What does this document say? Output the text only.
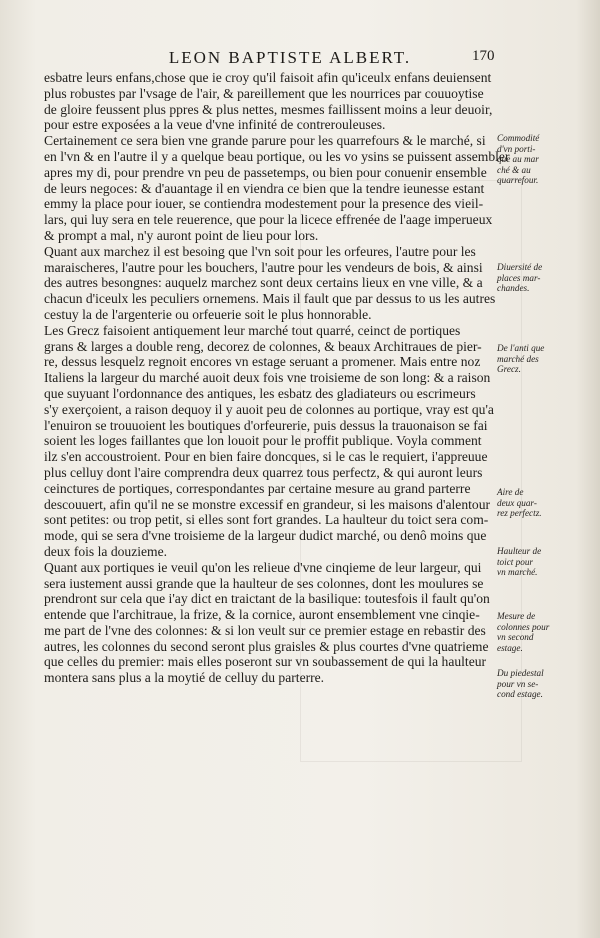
LEON BAPTISTE ALBERT.	170
esbatre leurs enfans,chose que ie croy qu'il faisoit afin qu'iceulx enfans deuiensent
plus robustes par l'vsage de l'air, & pareillement que les nourrices par couuoytise
de gloire feussent plus ppres & plus nettes, mesmes faillissent moins a leur deuoir,
pour estre exposées a la veue d'vne infinité de contrerouleuses.
Certainement ce sera bien vne grande parure pour les quarrefours & le marché, si
en l'vn & en l'autre il y a quelque beau portique, ou les vo ysins se puissent assembler
apres my di, pour prendre vn peu de passetemps, ou bien pour conuenir ensemble
de leurs negoces: & d'auantage il en viendra ce bien que la tendre ieunesse estant
emmy la place pour iouer, se contiendra modestement pour la presence des vieil-
lars, qui luy sera en tele reuerence, que pour la licece effrenée de l'aage imperueux
& prompt a mal, n'y auront point de lieu pour lors.
Quant aux marchez il est besoing que l'vn soit pour les orfeures, l'autre pour les
maraischeres, l'autre pour les bouchers, l'autre pour les vendeurs de bois, & ainsi
des autres besongnes: auquelz marchez sont deux certains lieux en vne ville, & a
chacun d'iceulx les peculiers ornemens. Mais il fault que par dessus to us les autres
cestuy la de l'argenterie ou orfeuerie soit le plus honnorable.
Les Grecz faisoient antiquement leur marché tout quarré, ceinct de portiques
grans & larges a double reng, decorez de colonnes, & beaux Architraues de pier-
re, dessus lesquelz regnoit encores vn estage seruant a promener. Mais entre noz
Italiens la largeur du marché auoit deux fois vne troisieme de son long: & a raison
que suyuant l'ordonnance des antiques, les esbatz des gladiateurs ou escrimeurs
s'y exerçoient, a raison dequoy il y auoit peu de colonnes au portique, vray est qu'a
l'enuiron se trouuoient les boutiques d'orfeurerie, puis dessus la trauonaison se fai
soient les loges faillantes que lon louoit pour le proffit publique. Voyla comment
ilz s'en accoustroient. Pour en bien faire doncques, si le cas le requiert, i'appreuue
plus celluy dont l'aire comprendra deux quarrez tous perfectz, & qui auront leurs
ceinctures de portiques, correspondantes par certaine mesure au grand parterre
descouuert, afin qu'il ne se monstre excessif en grandeur, si les maisons d'alentour
sont petites: ou trop petit, si elles sont fort grandes. La haulteur du toict sera com-
mode, qui se sera d'vne troisieme de la largeur dudict marché, ou denô moins que
deux fois la douzieme.
Quant aux portiques ie veuil qu'on les relieue d'vne cinqieme de leur largeur, qui
sera iustement aussi grande que la haulteur de ses colonnes, dont les moulures se
prendront sur cela que i'ay dict en traictant de la basilique: toutesfois il fault qu'on
entende que l'architraue, la frize, & la cornice, auront ensemblement vne cinqie-
me part de l'vne des colonnes: & si lon veult sur ce premier estage en rebastir des
autres, les colonnes du second seront plus graisles & plus courtes d'vne quatrieme
que celles du premier: mais elles poseront sur vn soubassement de qui la haulteur
montera sans plus a la moytié de celluy du parterre.
Commodité
d'vn porti-
que au mar
ché & au
quarrefour.
Diuersité de
places mar-
chandes.
De l'anti que
marché des
Grecz.
Aire de
deux quar-
rez perfectz.
Haulteur de
toict pour
vn marché.
Mesure de
colonnes pour
vn second
estage.
Du piedestal
pour vn se-
cond estage.
